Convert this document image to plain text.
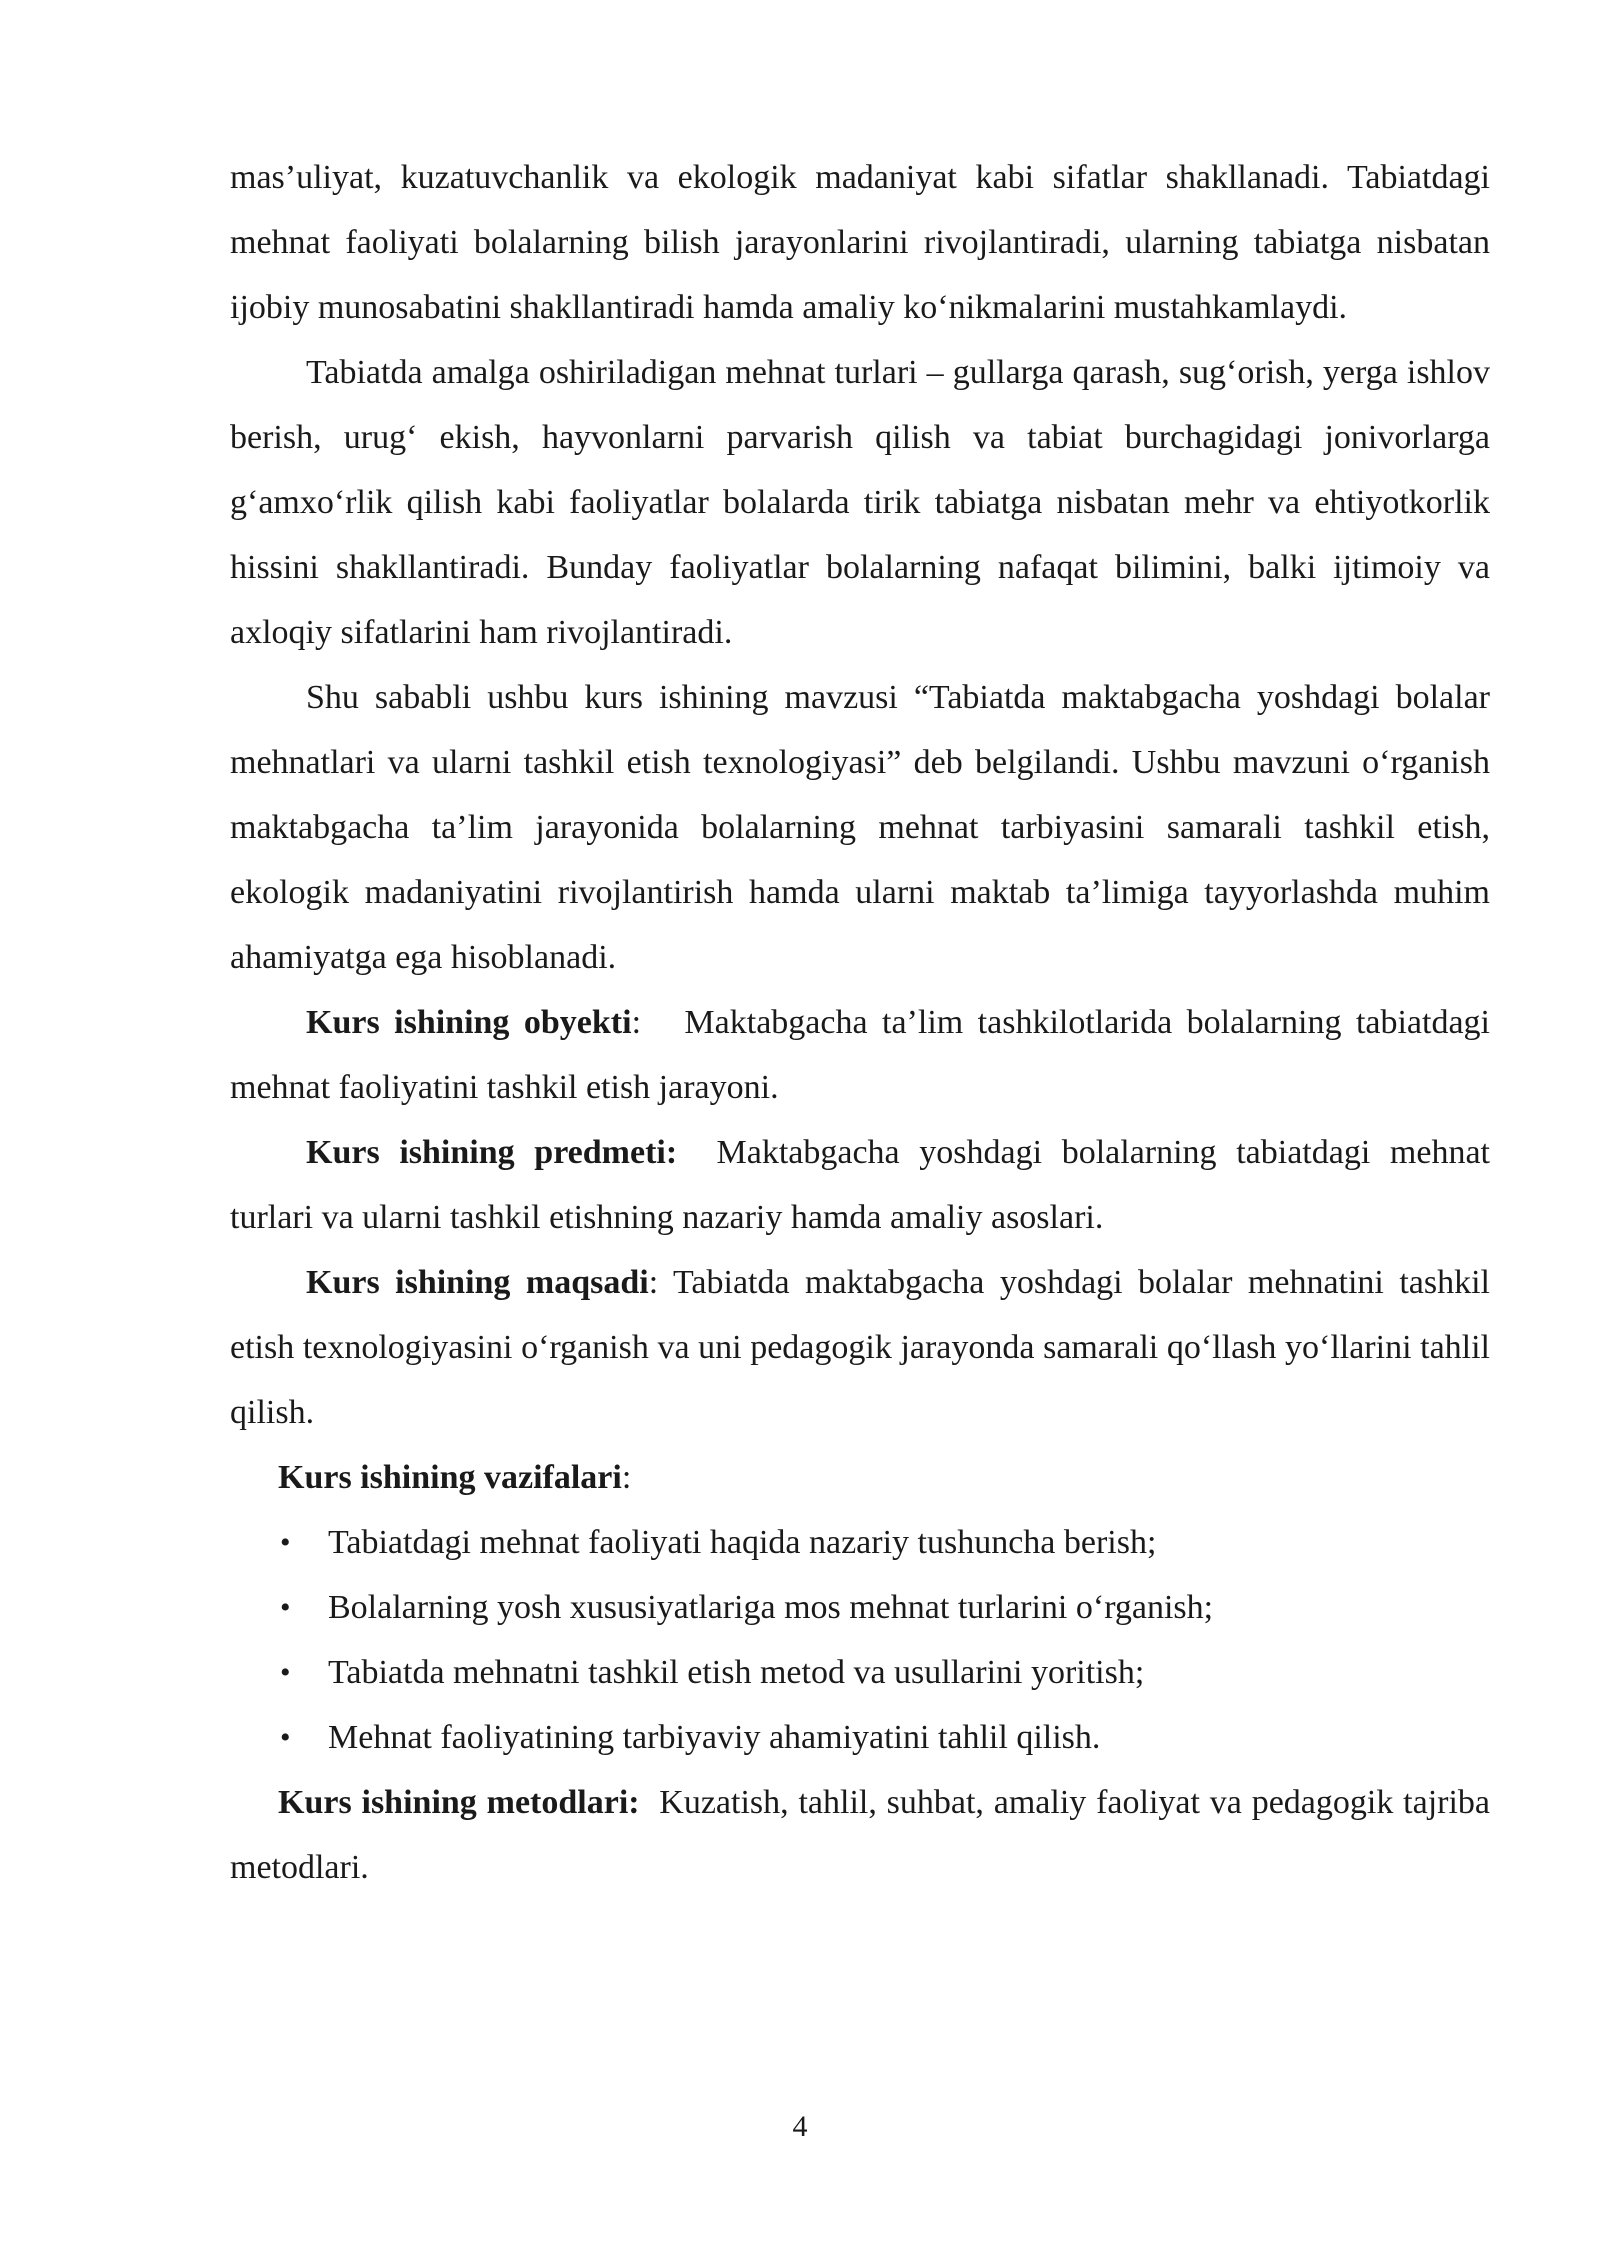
mas’uliyat, kuzatuvchanlik va ekologik madaniyat kabi sifatlar shakllanadi. Tabiatdagi mehnat faoliyati bolalarning bilish jarayonlarini rivojlantiradi, ularning tabiatga nisbatan ijobiy munosabatini shakllantiradi hamda amaliy ko‘nikmalarini mustahkamlaydi.

Tabiatda amalga oshiriladigan mehnat turlari – gullarga qarash, sug‘orish, yerga ishlov berish, urug‘ ekish, hayvonlarni parvarish qilish va tabiat burchagidagi jonivorlarga g‘amxo‘rlik qilish kabi faoliyatlar bolalarda tirik tabiatga nisbatan mehr va ehtiyotkorlik hissini shakllantiradi. Bunday faoliyatlar bolalarning nafaqat bilimini, balki ijtimoiy va axloqiy sifatlarini ham rivojlantiradi.

Shu sababli ushbu kurs ishining mavzusi “Tabiatda maktabgacha yoshdagi bolalar mehnatlari va ularni tashkil etish texnologiyasi” deb belgilandi. Ushbu mavzuni o‘rganish maktabgacha ta’lim jarayonida bolalarning mehnat tarbiyasini samarali tashkil etish, ekologik madaniyatini rivojlantirish hamda ularni maktab ta’limiga tayyorlashda muhim ahamiyatga ega hisoblanadi.

Kurs ishining obyekti: Maktabgacha ta’lim tashkilotlarida bolalarning tabiatdagi mehnat faoliyatini tashkil etish jarayoni.

Kurs ishining predmeti: Maktabgacha yoshdagi bolalarning tabiatdagi mehnat turlari va ularni tashkil etishning nazariy hamda amaliy asoslari.

Kurs ishining maqsadi: Tabiatda maktabgacha yoshdagi bolalar mehnatini tashkil etish texnologiyasini o‘rganish va uni pedagogik jarayonda samarali qo‘llash yo‘llarini tahlil qilish.

Kurs ishining vazifalari:

• Tabiatdagi mehnat faoliyati haqida nazariy tushuncha berish;
• Bolalarning yosh xususiyatlariga mos mehnat turlarini o‘rganish;
• Tabiatda mehnatni tashkil etish metod va usullarini yoritish;
• Mehnat faoliyatining tarbiyaviy ahamiyatini tahlil qilish.

Kurs ishining metodlari: Kuzatish, tahlil, suhbat, amaliy faoliyat va pedagogik tajriba metodlari.

4
